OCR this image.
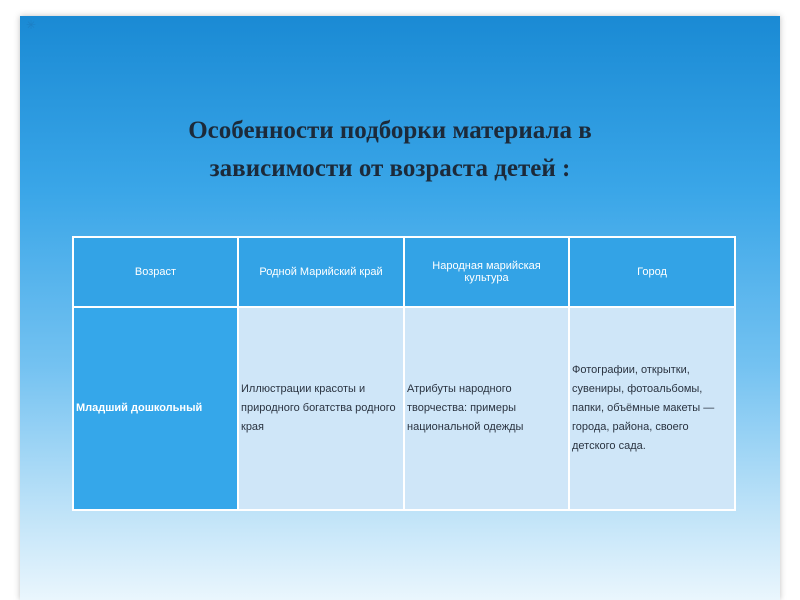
✳
Особенности подборки материала в
зависимости от возраста детей :
Возраст	Родной Марийский край	Народная марийская культура	Город
Младший дошкольный	Иллюстрации красоты и природного богатства родного края	Атрибуты народного творчества: примеры национальной одежды	Фотографии, открытки, сувениры, фотоальбомы, папки, объёмные макеты — города, района, своего детского сада.
